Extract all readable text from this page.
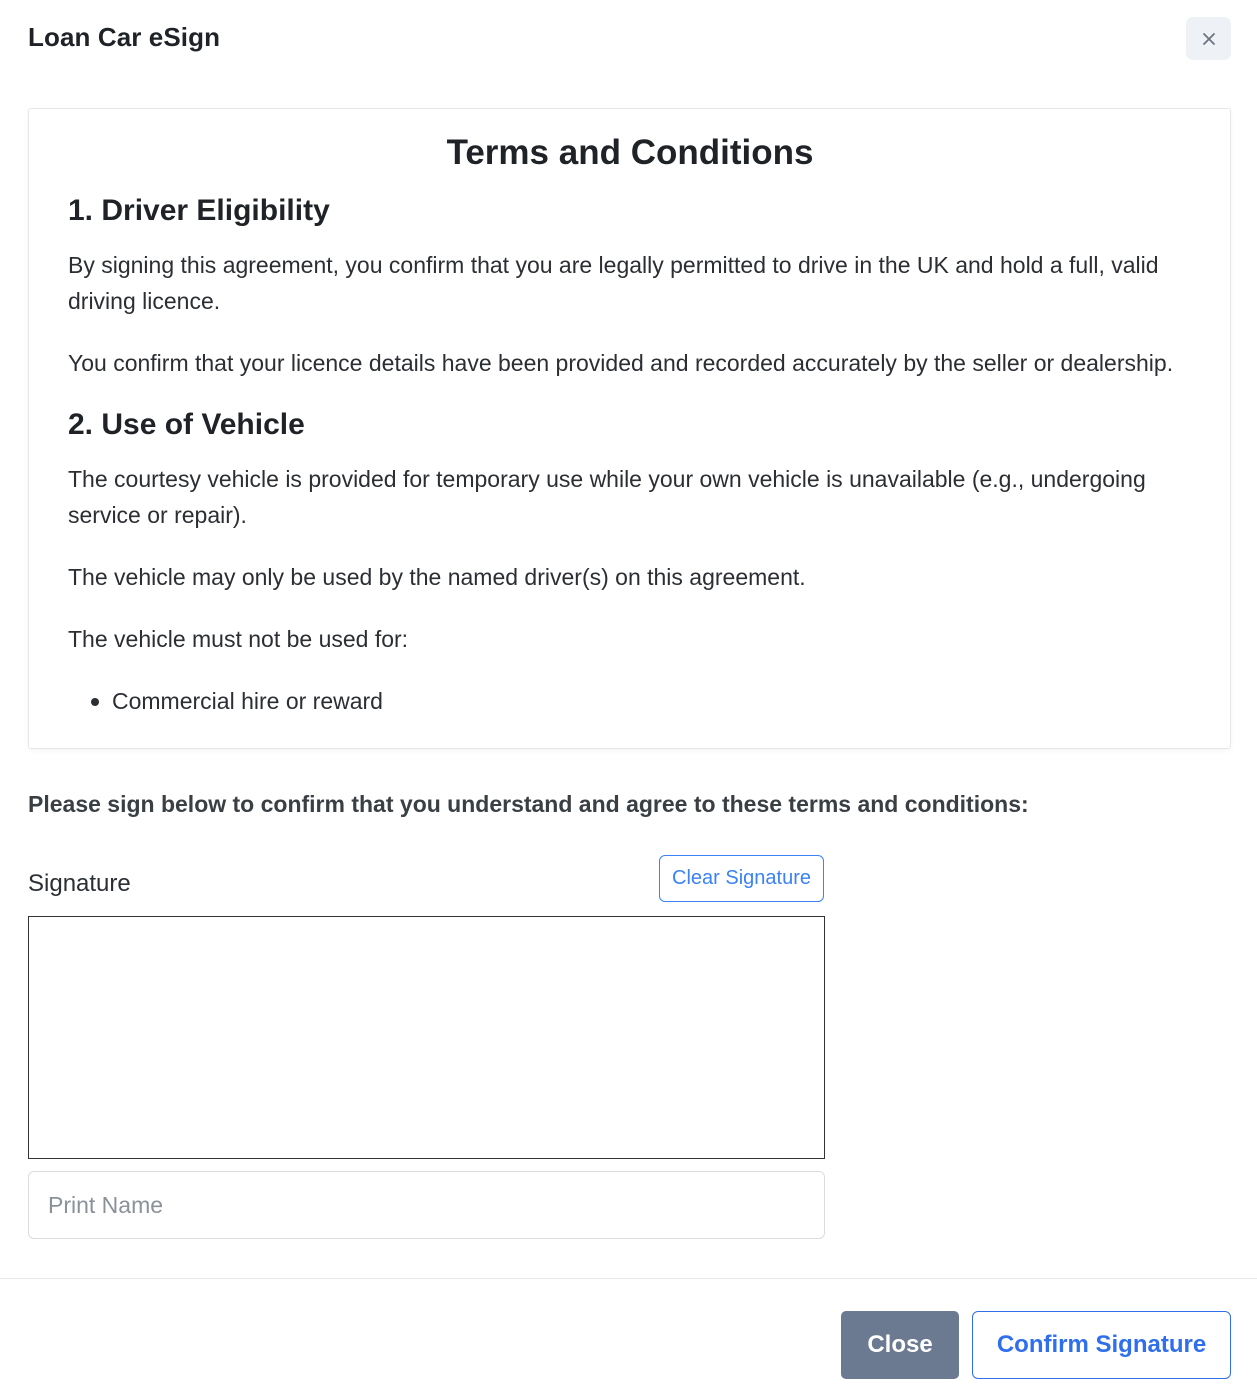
Loan Car eSign
Terms and Conditions
1. Driver Eligibility

By signing this agreement, you confirm that you are legally permitted to drive in the UK and hold a full, valid driving licence.

You confirm that your licence details have been provided and recorded accurately by the seller or dealership.

2. Use of Vehicle

The courtesy vehicle is provided for temporary use while your own vehicle is unavailable (e.g., undergoing service or repair).

The vehicle may only be used by the named driver(s) on this agreement.

The vehicle must not be used for:

Commercial hire or reward
Please sign below to confirm that you understand and agree to these terms and conditions:
Signature	Clear Signature
Print Name
Close	Confirm Signature
